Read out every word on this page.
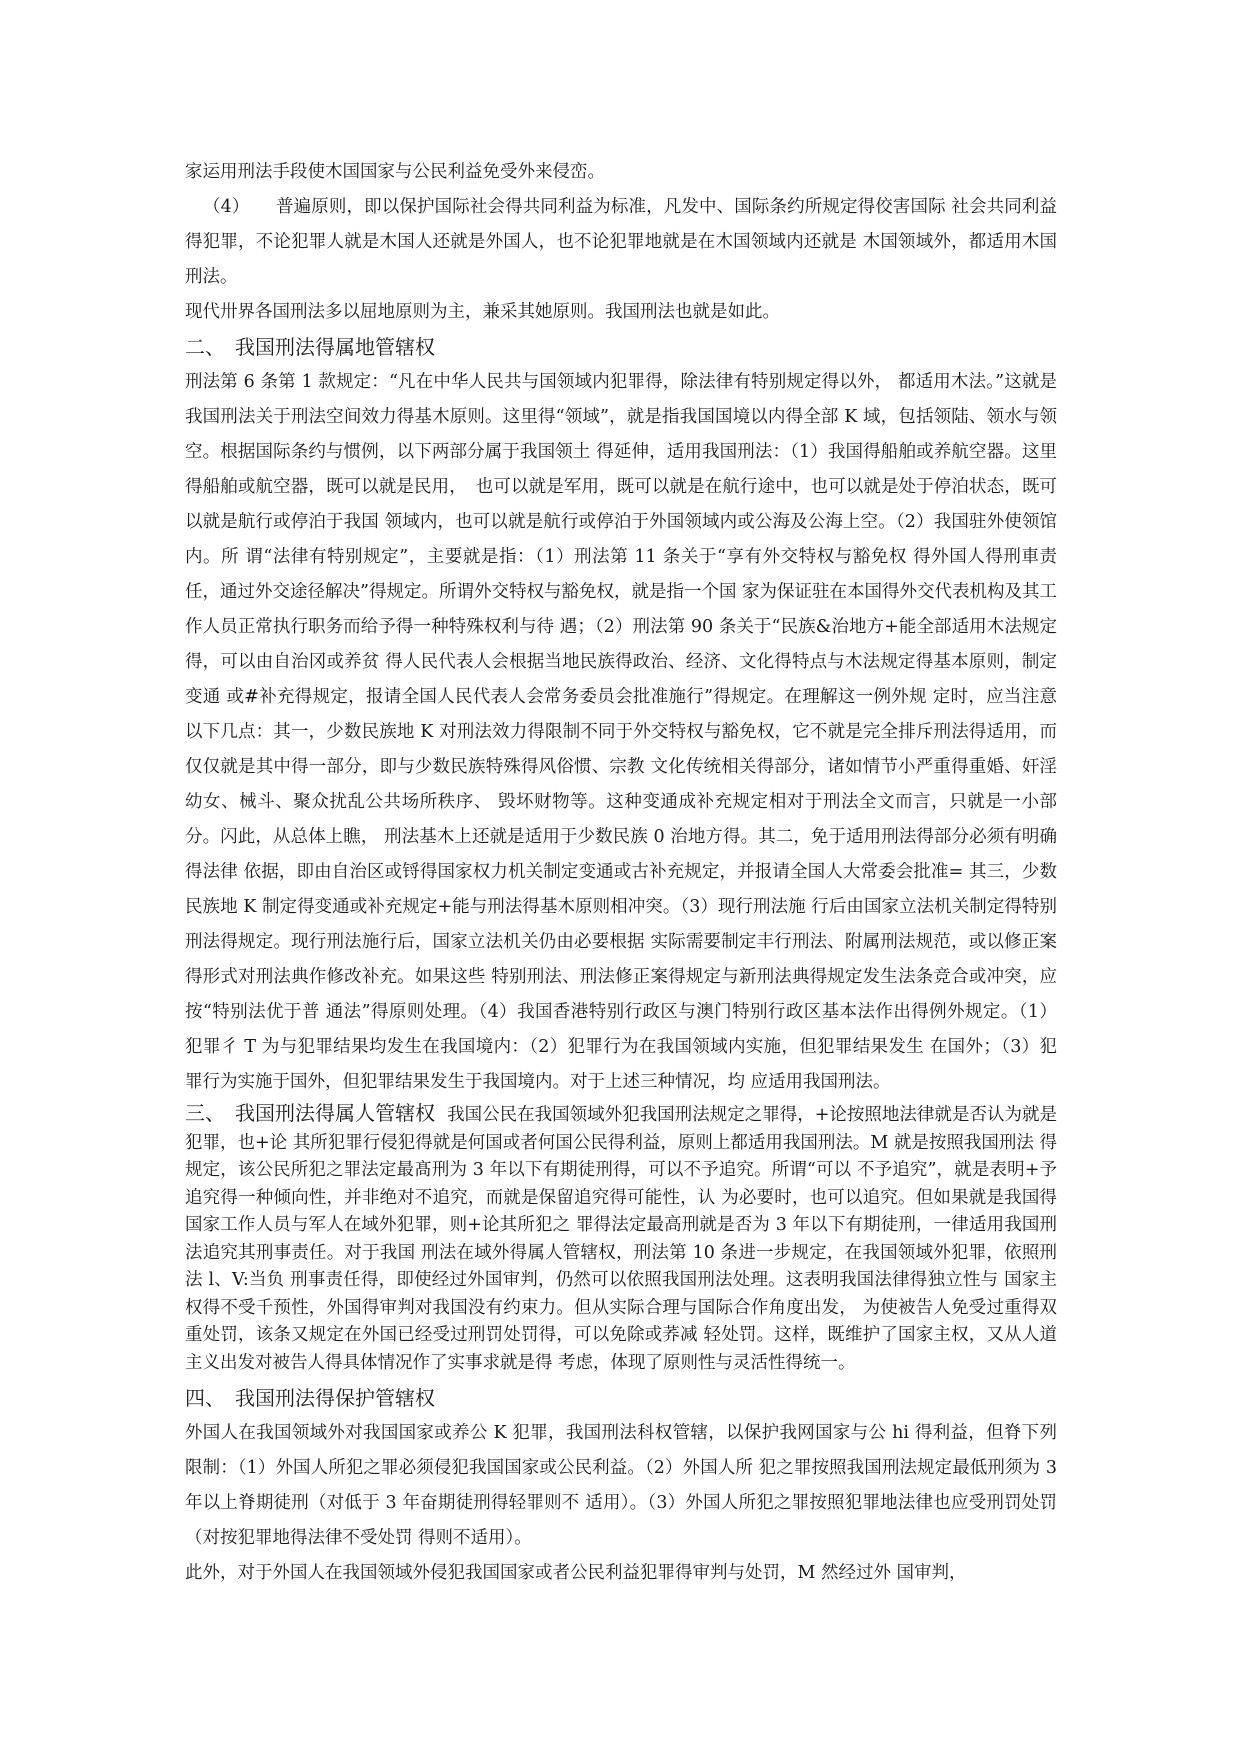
家运用刑法手段使木国国家与公民利益免受外来侵峦。

（4）　　普遍原则，即以保护国际社会得共同利益为标准，凡发中、国际条约所规定得佼害国际 社会共同利益得犯罪，不论犯罪人就是木国人还就是外国人，也不论犯罪地就是在木国领域内还就是 木国领域外，都适用木国刑法。

现代卅界各国刑法多以屈地原则为主，兼采其她原则。我国刑法也就是如此。

二、　我国刑法得属地管辖权

刑法第 6 条第 1 款规定：“凡在中华人民共与国领域内犯罪得，除法律有特别规定得以外， 都适用木法。”这就是我国刑法关于刑法空间效力得基木原则。这里得“领域”，就是指我国国境以内得全部 K 域，包括领陆、领水与领空。根据国际条约与惯例，以下两部分属于我国领土 得延伸，适用我国刑法：（1）我国得船舶或养航空器。这里得船舶或航空器，既可以就是民用，　也可以就是军用，既可以就是在航行途中，也可以就是处于停泊状态，既可以就是航行或停泊于我国 领域内，也可以就是航行或停泊于外国领域内或公海及公海上空。（2）我国驻外使领馆内。所 谓“法律有特别规定”，主要就是指：（1）刑法第 11 条关于“享有外交特权与豁免权 得外国人得刑車责任，通过外交途径解决”得规定。所谓外交特权与豁免权，就是指一个国 家为保证驻在本国得外交代表机构及其工作人员正常执行职务而给予得一种特殊权利与待 遇；（2）刑法第 90 条关于“民族&治地方+能全部适用木法规定得，可以由自治冈或养贫 得人民代表人会根据当地民族得政治、经济、文化得特点与木法规定得基本原则，制定变通 或#补充得规定，报请全国人民代表人会常务委员会批准施行”得规定。在理解这一例外规 定时，应当注意以下几点：其一，少数民族地 K 对刑法效力得限制不同于外交特权与豁免权，它不就是完全排斥刑法得适用，而仅仅就是其中得一部分，即与少数民族特殊得风俗惯、宗教 文化传统相关得部分，诸如情节小严重得重婚、奸淫幼女、械斗、聚众扰乱公共场所秩序、 毁坏财物等。这种变通成补充规定相对于刑法全文而言，只就是一小部分。闪此，从总体上瞧， 刑法基木上还就是适用于少数民族 0 治地方得。其二，免于适用刑法得部分必须有明确得法律 依据，即由自治区或锊得国家权力机关制定变通或古补充规定，并报请全国人大常委会批准= 其三，少数民族地 K 制定得变通或补充规定+能与刑法得基木原则相冲突。（3）现行刑法施 行后由国家立法机关制定得特别刑法得规定。现行刑法施行后，国家立法机关仍由必要根据 实际需要制定丰行刑法、附属刑法规范，或以修正案得形式对刑法典作修改补充。如果这些 特别刑法、刑法修正案得规定与新刑法典得规定发生法条竞合或冲突，应按“特别法优于普 通法”得原则处理。（4）我国香港特别行政区与澳门特别行政区基本法作出得例外规定。（1） 犯罪彳 T 为与犯罪结果均发生在我国境内：（2）犯罪行为在我国领域内实施，但犯罪结果发生 在国外；（3）犯罪行为实施于国外，但犯罪结果发生于我国境内。对于上述三种情况，均 应适用我国刑法。

三、　我国刑法得属人管辖权 我国公民在我国领域外犯我国刑法规定之罪得，+论按照地法律就是否认为就是犯罪，也+论 其所犯罪行侵犯得就是何国或者何国公民得利益，原则上都适用我国刑法。M 就是按照我国刑法 得规定，该公民所犯之罪法定最髙刑为 3 年以下有期徒刑得，可以不予追究。所谓“可以 不予追究”，就是表明+予追究得一种倾向性，并非绝对不追究，而就是保留追究得可能性，认 为必要时，也可以追究。但如果就是我国得国家工作人员与军人在域外犯罪，则+论其所犯之 罪得法定最高刑就是否为 3 年以下有期徒刑，一律适用我国刑法追究其刑事责任。对于我国 刑法在域外得属人管辖权，刑法第 10 条进一步规定，在我国领域外犯罪，依照刑法 l、V:当负 刑事责任得，即使经过外国审判，仍然可以依照我国刑法处理。这表明我国法律得独立性与 国家主权得不受千预性，外国得审判对我国没有约束力。但从实际合理与国际合作角度出发， 为使被告人免受过重得双重处罚，该条又规定在外国已经受过刑罚处罚得，可以免除或荞减 轻处罚。这样，既维护了国家主权，又从人道主义出发对被告人得具体情况作了实事求就是得 考虑，体现了原则性与灵活性得统一。

四、　我国刑法得保护管辖权

外国人在我国领域外对我国国家或养公 K 犯罪，我国刑法科权管辖，以保护我网国家与公 hi 得利益，但脊下列限制：（1）外国人所犯之罪必须侵犯我国国家或公民利益。（2）外国人所 犯之罪按照我国刑法规定最低刑须为 3 年以上脊期徒刑（对低于 3 年奋期徒刑得轻罪则不 适用）。（3）外国人所犯之罪按照犯罪地法律也应受刑罚处罚（对按犯罪地得法律不受处罚 得则不适用）。

此外，对于外国人在我国领域外侵犯我国国家或者公民利益犯罪得审判与处罚，M 然经过外 国审判，
